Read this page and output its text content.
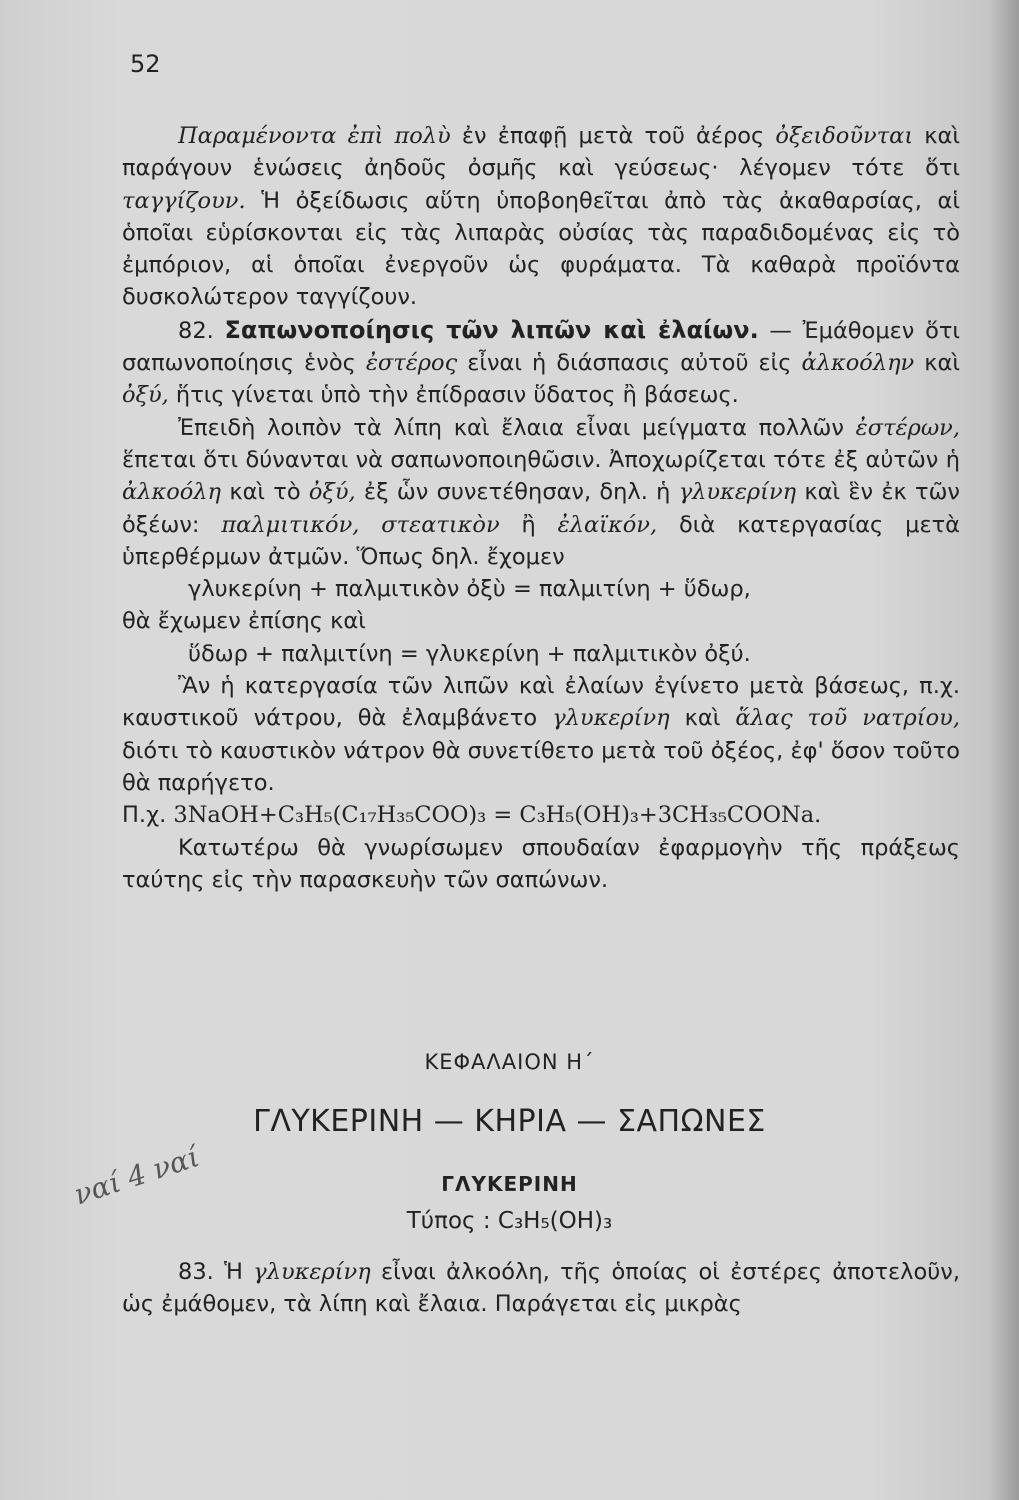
52

Παραμένοντα ἐπὶ πολὺ ἐν ἐπαφῇ μετὰ τοῦ ἀέρος ὀξειδοῦνται καὶ παράγουν ἑνώσεις ἀηδοῦς ὀσμῆς καὶ γεύσεως· λέγομεν τότε ὅτι ταγγίζουν. Ἡ ὀξείδωσις αὕτη ὑποβοηθεῖται ἀπὸ τὰς ἀκαθαρσίας, αἱ ὁποῖαι εὑρίσκονται εἰς τὰς λιπαρὰς οὐσίας τὰς παραδιδομένας εἰς τὸ ἐμπόριον, αἱ ὁποῖαι ἐνεργοῦν ὡς φυράματα. Τὰ καθαρὰ προϊόντα δυσκολώτερον ταγγίζουν.

82. Σαπωνοποίησις τῶν λιπῶν καὶ ἐλαίων. — Ἐμάθομεν ὅτι σαπωνοποίησις ἑνὸς ἐστέρος εἶναι ἡ διάσπασις αὐτοῦ εἰς ἀλκοόλην καὶ ὀξύ, ἥτις γίνεται ὑπὸ τὴν ἐπίδρασιν ὕδατος ἢ βάσεως.

Ἐπειδὴ λοιπὸν τὰ λίπη καὶ ἔλαια εἶναι μείγματα πολλῶν ἐστέρων, ἕπεται ὅτι δύνανται νὰ σαπωνοποιηθῶσιν. Ἀποχωρίζεται τότε ἐξ αὐτῶν ἡ ἀλκοόλη καὶ τὸ ὀξύ, ἐξ ὧν συνετέθησαν, δηλ. ἡ γλυκερίνη καὶ ἓν ἐκ τῶν ὀξέων: παλμιτικόν, στεατικὸν ἢ ἐλαϊκόν, διὰ κατεργασίας μετὰ ὑπερθέρμων ἀτμῶν. Ὅπως δηλ. ἔχομεν

γλυκερίνη + παλμιτικὸν ὀξὺ = παλμιτίνη + ὕδωρ,

θὰ ἔχωμεν ἐπίσης καὶ

ὕδωρ + παλμιτίνη = γλυκερίνη + παλμιτικὸν ὀξύ.

Ἂν ἡ κατεργασία τῶν λιπῶν καὶ ἐλαίων ἐγίνετο μετὰ βάσεως, π.χ. καυστικοῦ νάτρου, θὰ ἐλαμβάνετο γλυκερίνη καὶ ἅλας τοῦ νατρίου, διότι τὸ καυστικὸν νάτρον θὰ συνετίθετο μετὰ τοῦ ὀξέος, ἐφ' ὅσον τοῦτο θὰ παρήγετο.

Π.χ. 3NaOH+C₃H₅(C₁₇H₃₅COO)₃ = C₃H₅(OH)₃+3CH₃₅COONa.

Κατωτέρω θὰ γνωρίσωμεν σπουδαίαν ἐφαρμογὴν τῆς πράξεως ταύτης εἰς τὴν παρασκευὴν τῶν σαπώνων.

ΚΕΦΑΛΑΙΟΝ Η΄
ΓΛΥΚΕΡΙΝΗ — ΚΗΡΙΑ — ΣΑΠΩΝΕΣ
ΓΛΥΚΕΡΙΝΗ
Τύπος : C₃H₅(OH)₃

83. Ἡ γλυκερίνη εἶναι ἀλκοόλη, τῆς ὁποίας οἱ ἐστέρες ἀποτελοῦν, ὡς ἐμάθομεν, τὰ λίπη καὶ ἔλαια. Παράγεται εἰς μικρὰς

ναί 4 ναί
